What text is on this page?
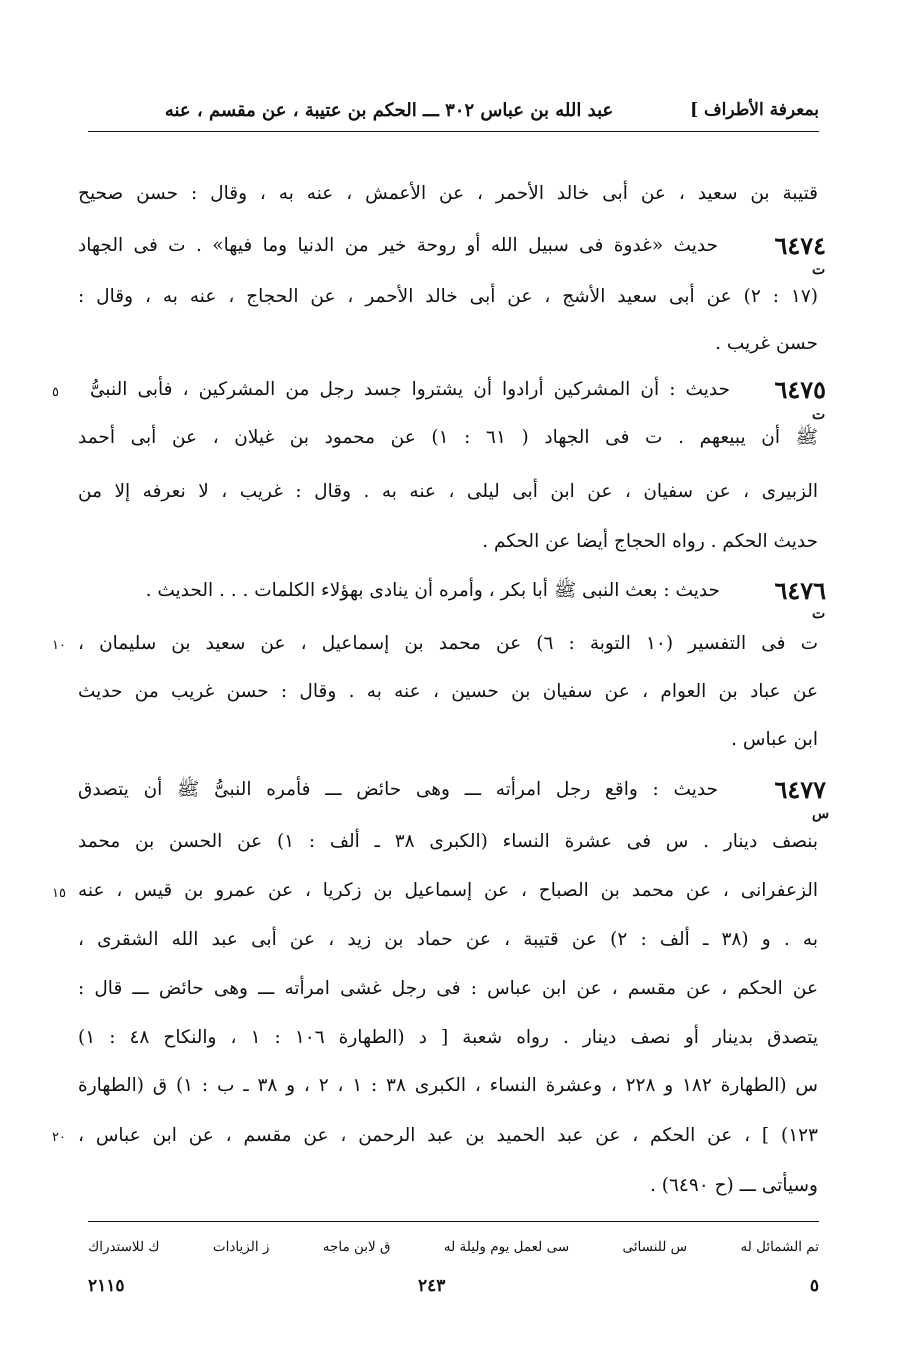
بمعرفة الأطراف ]
عبد الله بن عباس ٣٠٢ ـــ الحكم بن عتيبة ، عن مقسم ، عنه
قتيبة بن سعيد ، عن أبى خالد الأحمر ، عن الأعمش ، عنه به ، وقال : حسن صحيح
٦٤٧٤
حديث «غدوة فى سبيل الله أو روحة خير من الدنيا وما فيها» . ت فى الجهاد
ت
(١٧ : ٢) عن أبى سعيد الأشج ، عن أبى خالد الأحمر ، عن الحجاج ، عنه به ، وقال :
حسن غريب .
٥	٦٤٧٥
حديث : أن المشركين أرادوا أن يشتروا جسد رجل من المشركين ، فأبى النبىُّ
ت
ﷺ أن يبيعهم . ت فى الجهاد ( ٦١ : ١) عن محمود بن غيلان ، عن أبى أحمد
الزبيرى ، عن سفيان ، عن ابن أبى ليلى ، عنه به . وقال : غريب ، لا نعرفه إلا من
حديث الحكم . رواه الحجاج أيضا عن الحكم .
٦٤٧٦
حديث : بعث النبى ﷺ أبا بكر ، وأمره أن ينادى بهؤلاء الكلمات . . . الحديث .
ت
١٠ ت فى التفسير (١٠ التوبة : ٦) عن محمد بن إسماعيل ، عن سعيد بن سليمان ،
عن عباد بن العوام ، عن سفيان بن حسين ، عنه به . وقال : حسن غريب من حديث
ابن عباس .
٦٤٧٧
حديث : واقع رجل امرأته ـــ وهى حائض ـــ فأمره النبىُّ ﷺ أن يتصدق
س
بنصف دينار . س فى عشرة النساء (الكبرى ٣٨ ـ ألف : ١) عن الحسن بن محمد
١٥ الزعفرانى ، عن محمد بن الصباح ، عن إسماعيل بن زكريا ، عن عمرو بن قيس ، عنه
به . و (٣٨ ـ ألف : ٢) عن قتيبة ، عن حماد بن زيد ، عن أبى عبد الله الشقرى ،
عن الحكم ، عن مقسم ، عن ابن عباس : فى رجل غشى امرأته ـــ وهى حائض ـــ قال :
يتصدق بدينار أو نصف دينار . رواه شعبة [ د (الطهارة ١٠٦ : ١ ، والنكاح ٤٨ : ١)
س (الطهارة ١٨٢ و ٢٢٨ ، وعشرة النساء ، الكبرى ٣٨ : ١ ، ٢ ، و ٣٨ ـ ب : ١) ق (الطهارة
٢٠ ١٢٣) ] ، عن الحكم ، عن عبد الحميد بن عبد الرحمن ، عن مقسم ، عن ابن عباس ،
وسيأتى ـــ (ح ٦٤٩٠) .
تم الشمائل له
س للنسائى
سى لعمل يوم وليلة له
ق لابن ماجه
ز الزيادات
ك للاستدراك
٥
٢٤٣
٢١١٥
